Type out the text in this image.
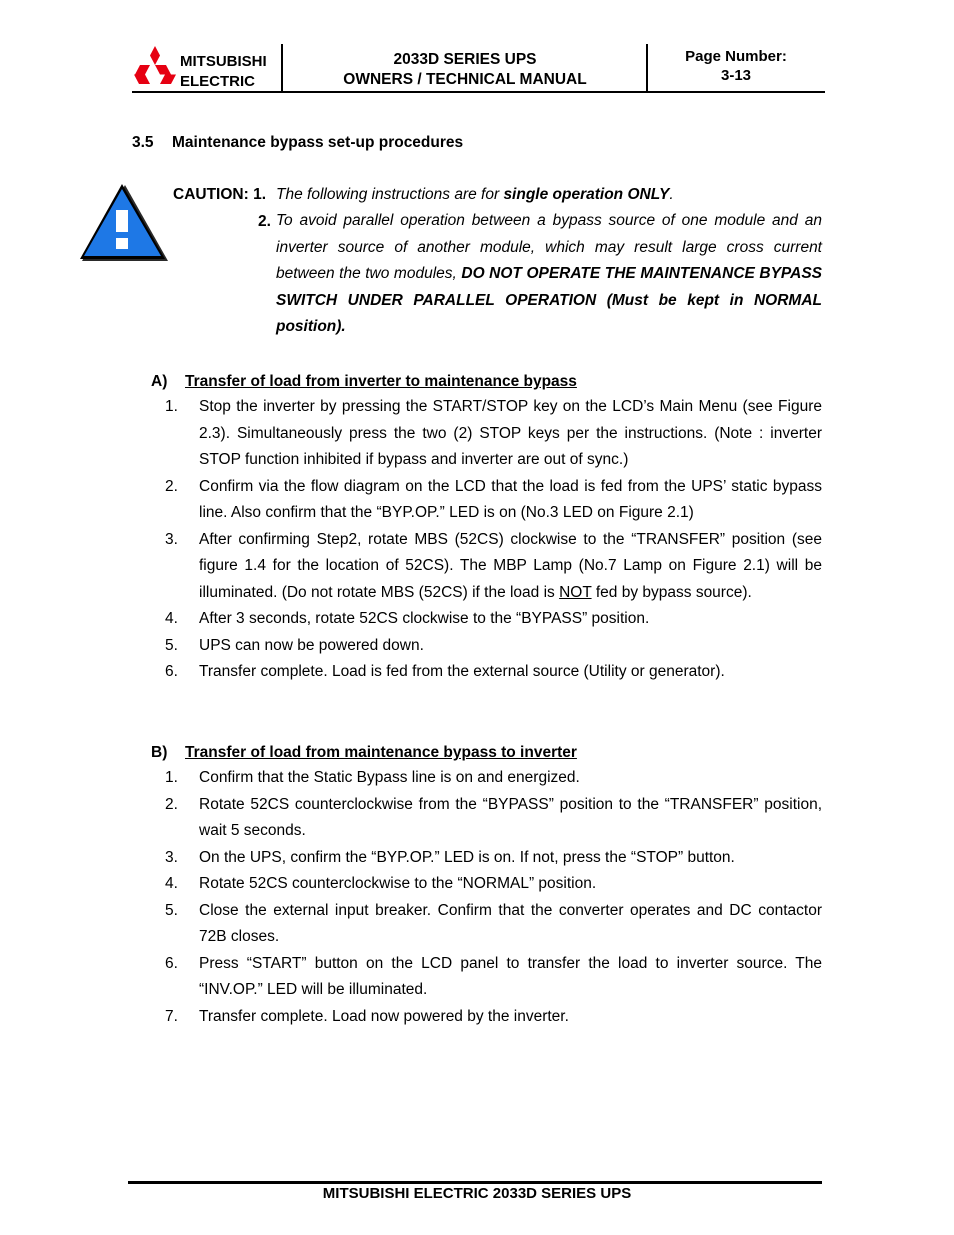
MITSUBISHI
ELECTRIC
2033D SERIES UPS
OWNERS / TECHNICAL MANUAL
Page Number:
3-13
3.5 Maintenance bypass set-up procedures
CAUTION: 1. The following instructions are for single operation ONLY.
2. To avoid parallel operation between a bypass source of one module and an inverter source of another module, which may result large cross current between the two modules, DO NOT OPERATE THE MAINTENANCE BYPASS SWITCH UNDER PARALLEL OPERATION (Must be kept in NORMAL position).
A) Transfer of load from inverter to maintenance bypass
1. Stop the inverter by pressing the START/STOP key on the LCD’s Main Menu (see Figure 2.3). Simultaneously press the two (2) STOP keys per the instructions. (Note : inverter STOP function inhibited if bypass and inverter are out of sync.)
2. Confirm via the flow diagram on the LCD that the load is fed from the UPS’ static bypass line. Also confirm that the “BYP.OP.” LED is on (No.3 LED on Figure 2.1)
3. After confirming Step2, rotate MBS (52CS) clockwise to the “TRANSFER” position (see figure 1.4 for the location of 52CS). The MBP Lamp (No.7 Lamp on Figure 2.1) will be illuminated. (Do not rotate MBS (52CS) if the load is NOT fed by bypass source).
4. After 3 seconds, rotate 52CS clockwise to the “BYPASS” position.
5. UPS can now be powered down.
6. Transfer complete. Load is fed from the external source (Utility or generator).
B) Transfer of load from maintenance bypass to inverter
1. Confirm that the Static Bypass line is on and energized.
2. Rotate 52CS counterclockwise from the “BYPASS” position to the “TRANSFER” position, wait 5 seconds.
3. On the UPS, confirm the “BYP.OP.” LED is on. If not, press the “STOP” button.
4. Rotate 52CS counterclockwise to the “NORMAL” position.
5. Close the external input breaker. Confirm that the converter operates and DC contactor 72B closes.
6. Press “START” button on the LCD panel to transfer the load to inverter source. The “INV.OP.” LED will be illuminated.
7. Transfer complete. Load now powered by the inverter.
MITSUBISHI ELECTRIC 2033D SERIES UPS
